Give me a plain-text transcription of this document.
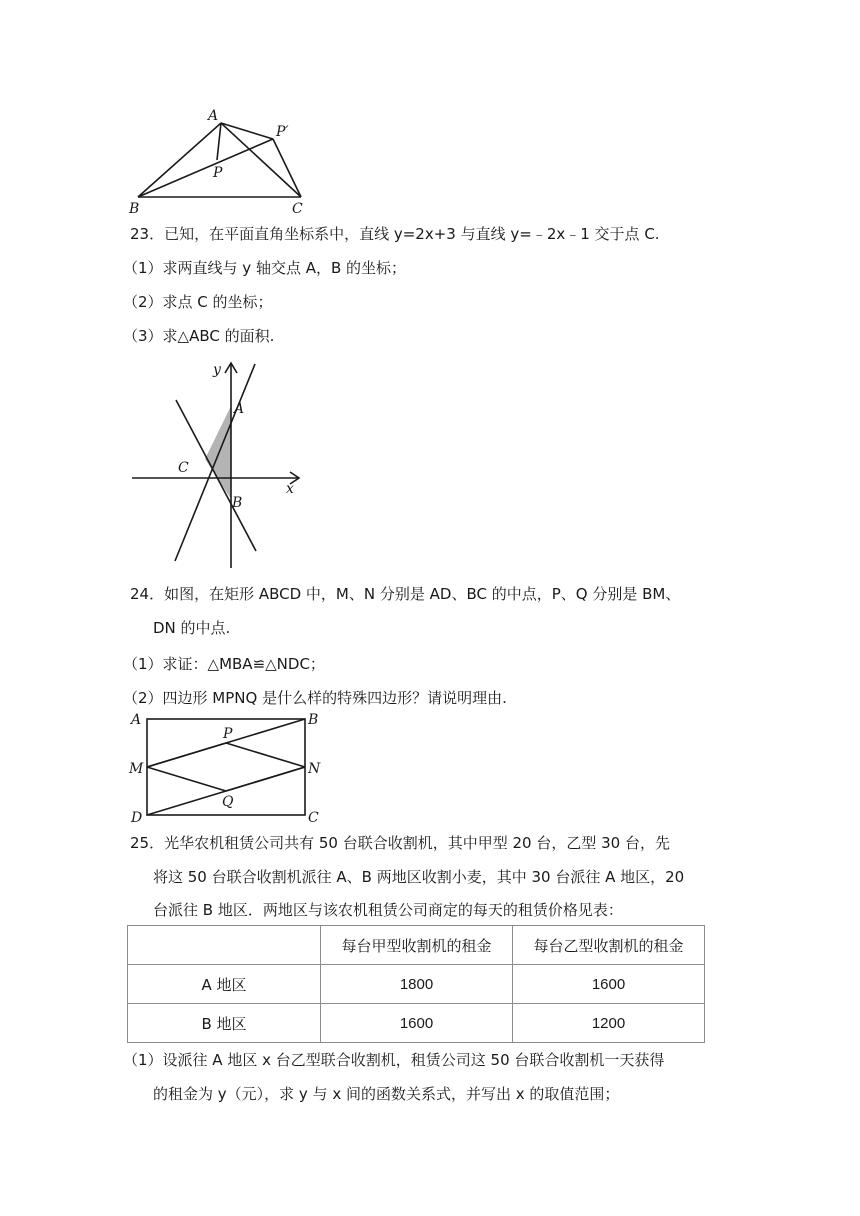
A
P′
P
B	C
23．已知，在平面直角坐标系中，直线 y=2x+3 与直线 y=﹣2x﹣1 交于点 C.
（1）求两直线与 y 轴交点 A，B 的坐标；
（2）求点 C 的坐标；
（3）求△ABC 的面积.
y
x
A
C
B
24．如图，在矩形 ABCD 中，M、N 分别是 AD、BC 的中点，P、Q 分别是 BM、
DN 的中点.
（1）求证：△MBA≌△NDC；
（2）四边形 MPNQ 是什么样的特殊四边形？请说明理由.
A	B
P
M	N
Q
D	C
25．光华农机租赁公司共有 50 台联合收割机，其中甲型 20 台，乙型 30 台，先
将这 50 台联合收割机派往 A、B 两地区收割小麦，其中 30 台派往 A 地区，20
台派往 B 地区．两地区与该农机租赁公司商定的每天的租赁价格见表：
	每台甲型收割机的租金	每台乙型收割机的租金
A 地区	1800	1600
B 地区	1600	1200
（1）设派往 A 地区 x 台乙型联合收割机，租赁公司这 50 台联合收割机一天获得
的租金为 y（元），求 y 与 x 间的函数关系式，并写出 x 的取值范围；
